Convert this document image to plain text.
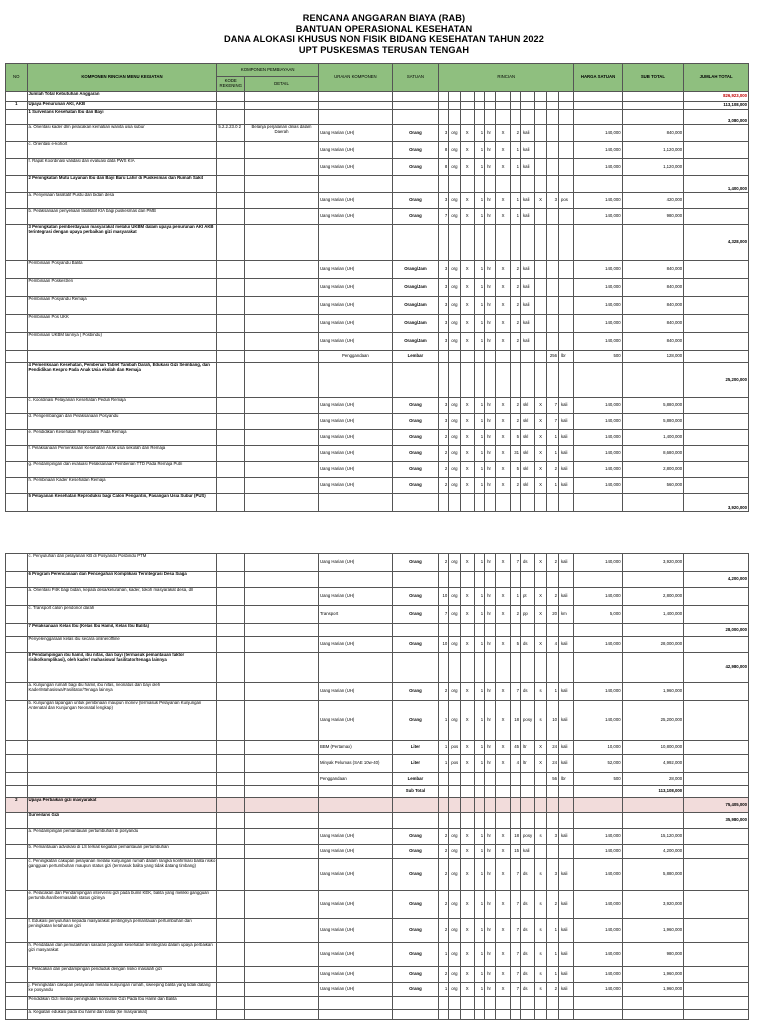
RENCANA ANGGARAN BIAYA (RAB)
BANTUAN OPERASIONAL KESEHATAN
DANA ALOKASI KHUSUS NON FISIK BIDANG KESEHATAN TAHUN 2022
UPT PUSKESMAS TERUSAN TENGAH
NO	KOMPONEN RINCIAN MENU KEGIATAN	KOMPONEN PEMBIAYAAN		URAIAN KOMPONEN	SATUAN	RINCIAN											HARGA SATUAN	SUB TOTAL	JUMLAH TOTAL
		KODE REKENING	DETAIL																
	Jumlah Total Kebutuhan Anggaran																		826,923,000
1	Upaya Penurunan AKI, AKB																		113,108,000
	1 Surveilans Kesehatan Ibu dan Bayi																		3,080,000
	a. Orientasi kader dlm pelacakan kematian wanita usia subur	5.2.2.23.0 2	Belanja perjalanan dinas dalam Daerah	Uang Harian (UH)	Orang	3	org	X	1	hr	X	2	kali				140,000	840,000	
	c. Orientasi e-kohort			Uang Harian (UH)	Orang	8	org	X	1	hr	X	1	kali				140,000	1,120,000	
	f. Rapat Koordinasi validasi dan evaluasi data PWS KIA			Uang Harian (UH)	Orang	8	org	X	1	hr	X	1	kali				140,000	1,120,000	
	2 Peningkatan Mutu Layanan Ibu dan Bayi Baru Lahir di Puskesmas dan Rumah Sakit																		1,400,000
	a. Penyeliaan fasilitatif Pustu dan bidan desa			Uang Harian (UH)	Orang	3	org	X	1	hr	X	1	kali	X	3	pos	140,000	420,000	
	b. Pelaksanaan penyeliaan fasilitatif KIA bagi puskesmas dan PMB			Uang Harian (UH)	Orang	7	org	X	1	hr	X	1	kali				140,000	980,000	
	3 Peningkatan pemberdayaan masyarakat melalui UKBM dalam upaya penurunan AKI AKB terintegrasi dengan upaya perbaikan gizi masyarakat																		4,328,000
	Pembinaan Posyandu Balita			Uang Harian (UH)	Orang/Jam	3	org	X	1	hr	X	2	kali				140,000	840,000	
	Pembinaan Poskestren			Uang Harian (UH)	Orang/Jam	3	org	X	1	hr	X	2	kali				140,000	840,000	
	Pembinaan Posyandu Remaja			Uang Harian (UH)	Orang/Jam	3	org	X	1	hr	X	2	kali				140,000	840,000	
	Pembinaan Pos UKK			Uang Harian (UH)	Orang/Jam	3	org	X	1	hr	X	2	kali				140,000	840,000	
	Pembinaan UKBM lainnya ( Posbindu)			Uang Harian (UH)	Orang/Jam	3	org	X	1	hr	X	2	kali				140,000	840,000	
				Penggandaan	Lembar										256	lbr	500	128,000	
	4 Pemeriksaan Kesehatan, Pemberian Tablet Tambah Darah, Edukasi Gizi Seimbang, dan Pendidikan Kespro Pada Anak Usia ekolah dan Remaja																		25,200,000
	c. Koordinasi Pelayanan Kesehatan Peduli Remaja			Uang Harian (UH)	Orang	3	org	X	1	hr	X	2	skl	X	7	kali	140,000	5,880,000	
	d. Pengembangan dan Pelaksanaan Posyandu			Uang Harian (UH)	Orang	3	org	X	1	hr	X	2	skl	X	7	kali	140,000	5,880,000	
	e. Pendidikan Kesehatan Reproduksi Pada Remaja			Uang Harian (UH)	Orang	2	org	X	1	hr	X	5	skl	X	1	kali	140,000	1,400,000	
	f. Pelaksanaan Pemeriksaan Kesehatan Anak usia sekolah dan Remaja			Uang Harian (UH)	Orang	2	org	X	1	hr	X	31	skl	X	1	kali	140,000	8,680,000	
	g. Pendampingan dan evaluasi Pelaksanaan Pemberian TTD Pada Remaja Putri			Uang Harian (UH)	Orang	2	org	X	1	hr	X	5	skl	X	2	kali	140,000	2,800,000	
	h. Pembinaan Kader Kesehatan Remaja			Uang Harian (UH)	Orang	2	org	X	1	hr	X	2	skl	X	1	kali	140,000	560,000	
	5 Pelayanan Kesehatan Reproduksi bagi Calon Pengantin, Pasangan Usia Subur (PUS)																		3,920,000
	c. Penyuluhan dan pelayanan KB di Posyandu Posbindu PTM			Uang Harian (UH)	Orang	2	org	X	1	hr	X	7	ds	X	2	kali	140,000	3,920,000	
	6 Program Perencanaan dan Pencegahan Komplikasi Terintegrasi Desa Siaga																		4,200,000
	a. Orientasi P4K bagi bidan, kepala desa/kelurahan, kader, tokoh masyarakat desa, dll			Uang Harian (UH)	Orang	10	org	X	1	hr	X	1	pt	X	2	kali	140,000	2,800,000	
	c. Transport calon pendonor darah			Transport	Orang	7	org	X	1	hr	X	2	pp	X	20	km	5,000	1,400,000	
	7 Pelaksanaan Kelas Ibu (Kelas Ibu Hamil, Kelas Ibu Balita)																		28,000,000
	Penyelenggaraan kelas ibu secara online/offline			Uang Harian (UH)	Orang	10	org	X	1	hr	X	5	ds	X	4	kali	140,000	28,000,000	
	8 Pendampingan ibu hamil, ibu nifas, dan bayi (termasuk pemantauan faktor risiko/komplikasi), oleh kader/ mahasiswa/ fasilitator/tenaga lainnya																		42,980,000
	a. Kunjungan rumah bagi ibu hamil, ibu nifas, neonatus dan bayi oleh Kader/Mahasiswa/Fasilitator/Tenaga lainnya			Uang Harian (UH)	Orang	2	org	X	1	hr	X	7	ds	s	1	kali	140,000	1,960,000	
	b. Kunjungan lapangan untuk pembinaan maupun monev (termasuk Pelayanan Kunjungan Antenatal dan Kunjungan Neonatal lengkap)			Uang Harian (UH)	Orang	1	org	X	1	hr	X	18	posy	s	10	kali	140,000	25,200,000	
				BBM (Pertamax)	Liter	1	pos	X	1	hr	X	45	ltr	X	24	kali	10,000	10,800,000	
				Minyak Pelumas (SAE 10w-40)	Liter	1	pos	X	1	hr	X	4	ltr	X	24	kali	52,000	4,992,000	
				Penggandaan	Lembar										56	lbr	500	28,000	
					Sub Total													113,108,000	
2	Upaya Perbaikan gizi masyarakat																		75,405,000
	Surveilans Gizi																		35,980,000
	a. Pendampingan pemantauan pertumbuhan di posyandu			Uang Harian (UH)	Orang	2	org	X	1	hr	X	18	posy	s	3	kali	140,000	15,120,000	
	b. Pemantauan advokasi di LS terkait kegiatan pemantauan pertumbuhan			Uang Harian (UH)	Orang	2	org	X	1	hr	X	15	kali				140,000	4,200,000	
	c. Peningkatan cakupan pelayanan melalui kunjungan rumah dalam rangka konfirmasi balita risiko gangguan pertumbuhan maupun status gizi (termasuk balita yang tidak datang timbang)			Uang Harian (UH)	Orang	2	org	X	1	hr	X	7	ds	s	3	kali	140,000	5,880,000	
	e. Pelacakan dan Pendampingan intervensi gizi pada bumil KEK, balita yang melikki gangguan pertumbuhan/bermasalah status gizinya			Uang Harian (UH)	Orang	2	org	X	1	hr	X	7	ds	s	2	kali	140,000	3,920,000	
	f. Edukasi penyuluhan kepada masyarakat pentingnya pemantauan pertumbuhan dan peningkatan ketahanan gizi			Uang Harian (UH)	Orang	2	org	X	1	hr	X	7	ds	s	1	kali	140,000	1,960,000	
	h. Pendataan dan pemutakhiran sasaran program kesehatan terintegrasi dalam upaya perbaikan gizi masyarakat			Uang Harian (UH)	Orang	1	org	X	1	hr	X	7	ds	s	1	kali	140,000	980,000	
	i. Pelacakan dan pendampingan penduduk dengan risiko masalah gizi			Uang Harian (UH)	Orang	2	org	X	1	hr	X	7	ds	s	1	kali	140,000	1,960,000	
	j. Peningkatan cakupan pelayanan melalui kunjungan rumah, sweeping balita yang tidak datang ke posyandu			Uang Harian (UH)	Orang	1	org	X	1	hr	X	7	ds	s	2	kali	140,000	1,960,000	
	Pendidikan Gizi melalui peningkatan konsumsi Gizi Pada Ibu Hamil dan Balita																		
	a. Kegiatan edukasi pada ibu hamil dan balita (ke masyarakat)																		
